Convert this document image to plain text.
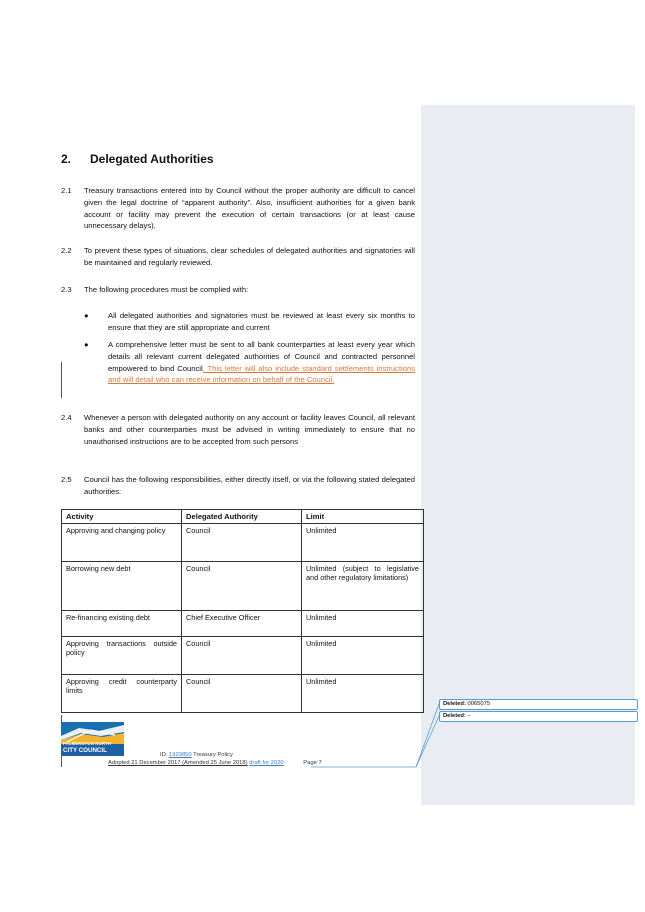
2. Delegated Authorities
2.1 Treasury transactions entered into by Council without the proper authority are difficult to cancel given the legal doctrine of “apparent authority”. Also, insufficient authorities for a given bank account or facility may prevent the execution of certain transactions (or at least cause unnecessary delays).
2.2 To prevent these types of situations, clear schedules of delegated authorities and signatories will be maintained and regularly reviewed.
2.3 The following procedures must be complied with:
●	All delegated authorities and signatories must be reviewed at least every six months to ensure that they are still appropriate and current
●	A comprehensive letter must be sent to all bank counterparties at least every year which details all relevant current delegated authorities of Council and contracted personnel empowered to bind Council. This letter will also include standard settlements instructions and will detail who can receive information on behalf of the Council.
2.4 Whenever a person with delegated authority on any account or facility leaves Council, all relevant banks and other counterparties must be advised in writing immediately to ensure that no unauthorised instructions are to be accepted from such persons
2.5 Council has the following responsibilities, either directly itself, or via the following stated delegated authorities:
Activity	Delegated Authority	Limit
Approving and changing policy	Council	Unlimited
Borrowing new debt	Council	Unlimited (subject to legislative and other regulatory limitations)
Re-financing existing debt	Chief Executive Officer	Unlimited
Approving transactions outside policy	Council	Unlimited
Approving credit counterparty limits	Council	Unlimited
PALMERSTON NORTH
CITY COUNCIL
ID: 1929850 Treasury Policy
Adopted 21 December 2017 (Amended 25 June 2018) draft for 2020	Page 7
Deleted: 0065075
Deleted: –
